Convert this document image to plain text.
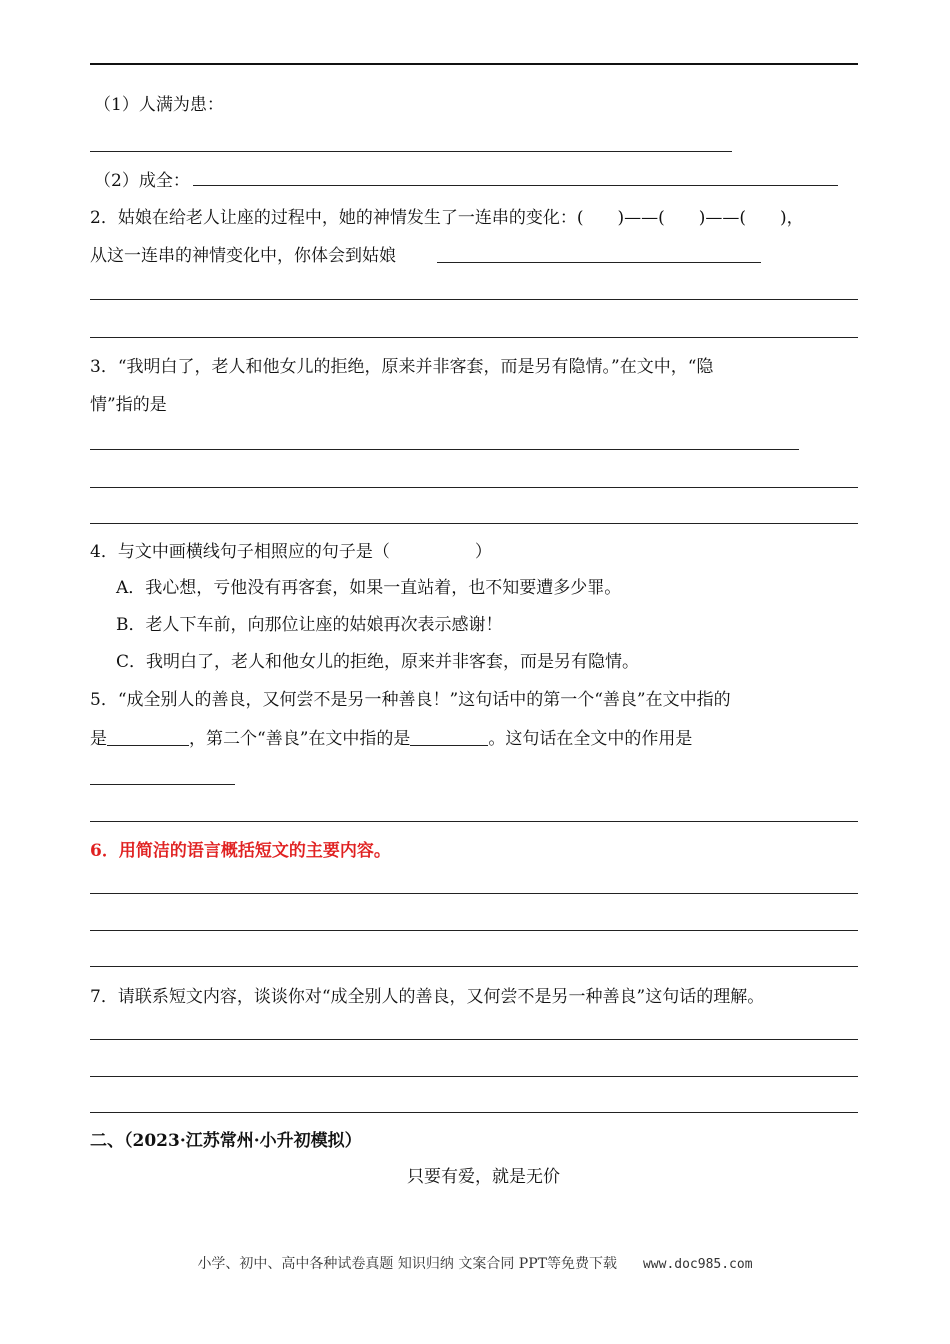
（1）人满为患：
（2）成全：
2．姑娘在给老人让座的过程中，她的神情发生了一连串的变化：(　　)——(　　)——(　　)，
从这一连串的神情变化中，你体会到姑娘
3．“我明白了，老人和他女儿的拒绝，原来并非客套，而是另有隐情。”在文中，“隐
情”指的是
4．与文中画横线句子相照应的句子是（　　　　　）
A．我心想，亏他没有再客套，如果一直站着，也不知要遭多少罪。
B．老人下车前，向那位让座的姑娘再次表示感谢！
C．我明白了，老人和他女儿的拒绝，原来并非客套，而是另有隐情。
5．“成全别人的善良，又何尝不是另一种善良！”这句话中的第一个“善良”在文中指的
是	，第二个“善良”在文中指的是	。这句话在全文中的作用是
6．用简洁的语言概括短文的主要内容。
7．请联系短文内容，谈谈你对“成全别人的善良，又何尝不是另一种善良”这句话的理解。
二、（2023·江苏常州·小升初模拟）
只要有爱，就是无价
小学、初中、高中各种试卷真题 知识归纳 文案合同 PPT等免费下载 www.doc985.com
